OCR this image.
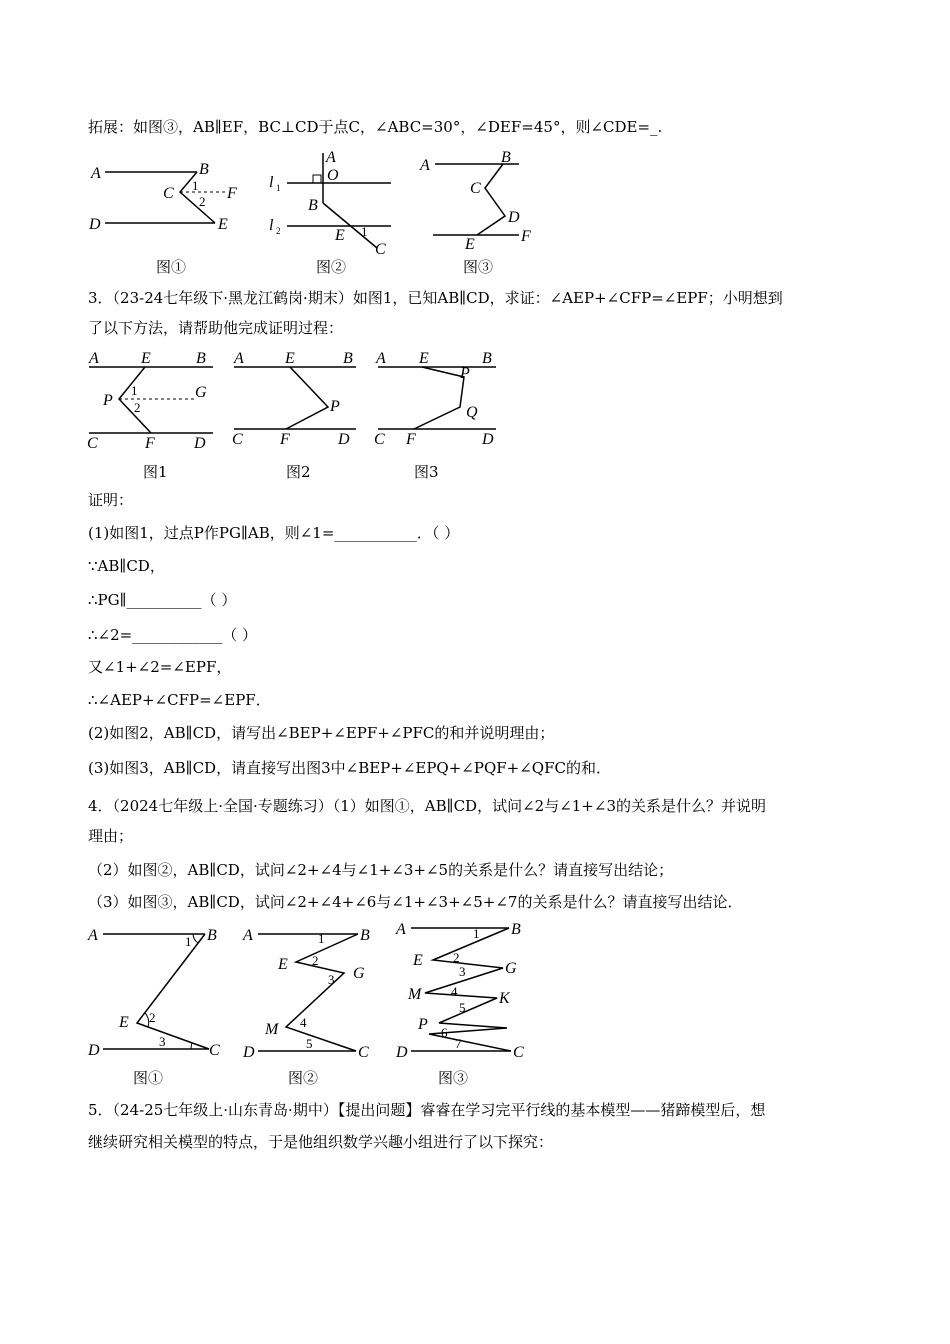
拓展：如图③，AB∥EF，BC⊥CD于点C，∠ABC=30°，∠DEF=45°，则∠CDE=_.
3．（23-24七年级下·黑龙江鹤岗·期末）如图1，已知AB∥CD，求证：∠AEP+∠CFP=∠EPF；小明想到
了以下方法，请帮助他完成证明过程：
证明：
(1)如图1，过点P作PG∥AB，则∠1=___________．（ ）
∵AB∥CD，
∴PG∥__________（ ）
∴∠2=____________（ ）
又∠1+∠2=∠EPF，
∴∠AEP+∠CFP=∠EPF．
(2)如图2，AB∥CD，请写出∠BEP+∠EPF+∠PFC的和并说明理由；
(3)如图3，AB∥CD，请直接写出图3中∠BEP+∠EPQ+∠PQF+∠QFC的和．
4．（2024七年级上·全国·专题练习）（1）如图①，AB∥CD，试问∠2与∠1+∠3的关系是什么？并说明
理由；
（2）如图②，AB∥CD，试问∠2+∠4与∠1+∠3+∠5的关系是什么？请直接写出结论；
（3）如图③，AB∥CD，试问∠2+∠4+∠6与∠1+∠3+∠5+∠7的关系是什么？请直接写出结论．
5．（24-25七年级上·山东青岛·期中）【提出问题】睿睿在学习完平行线的基本模型——猪蹄模型后，想
继续研究相关模型的特点，于是他组织数学兴趣小组进行了以下探究：
A	B
C	F
D	E
1
2
图①
A
O
B
E
C
1
l 1
l 2
图②
A	B
C
D
E	F
图③
A	E	B
P	G
C	F D
1
2
图1
A	E	B
P
C F	D
图2
A E	B
P
Q
C F	D
图3
A	B
E
D	C
1
2
3
图①
A	B
E
G
M
D	C
1
2
3
4
5
图②
A	B
E	G
M	K
P
D	C
1
2
3
4
5
6
7
图③
